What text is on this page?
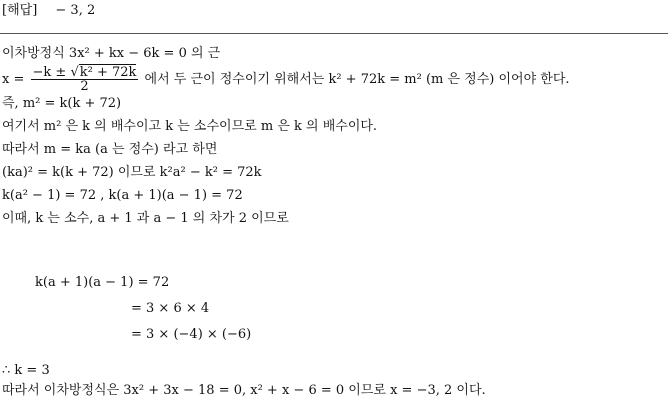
[해답] − 3, 2
이차방정식 3x² + kx − 6k = 0 의 근
$x = \frac{\text{−k ± √k² + 72k}}{2}$ 에서 두 근이 정수이기 위해서는 k² + 72k = m² (m 은 정수) 이어야 한다.
즉, m² = k(k + 72)
여기서 m² 은 k 의 배수이고 k 는 소수이므로 m 은 k 의 배수이다.
따라서 m = ka (a 는 정수) 라고 하면
(ka)² = k(k + 72) 이므로 k²a² − k² = 72k
k(a² − 1) = 72 , k(a + 1)(a − 1) = 72
이때, k 는 소수, a + 1 과 a − 1 의 차가 2 이므로
k(a + 1)(a − 1) = 72
= 3 × 6 × 4
= 3 × (−4) × (−6)
∴ k = 3
따라서 이차방정식은 3x² + 3x − 18 = 0, x² + x − 6 = 0 이므로 x = −3, 2 이다.
